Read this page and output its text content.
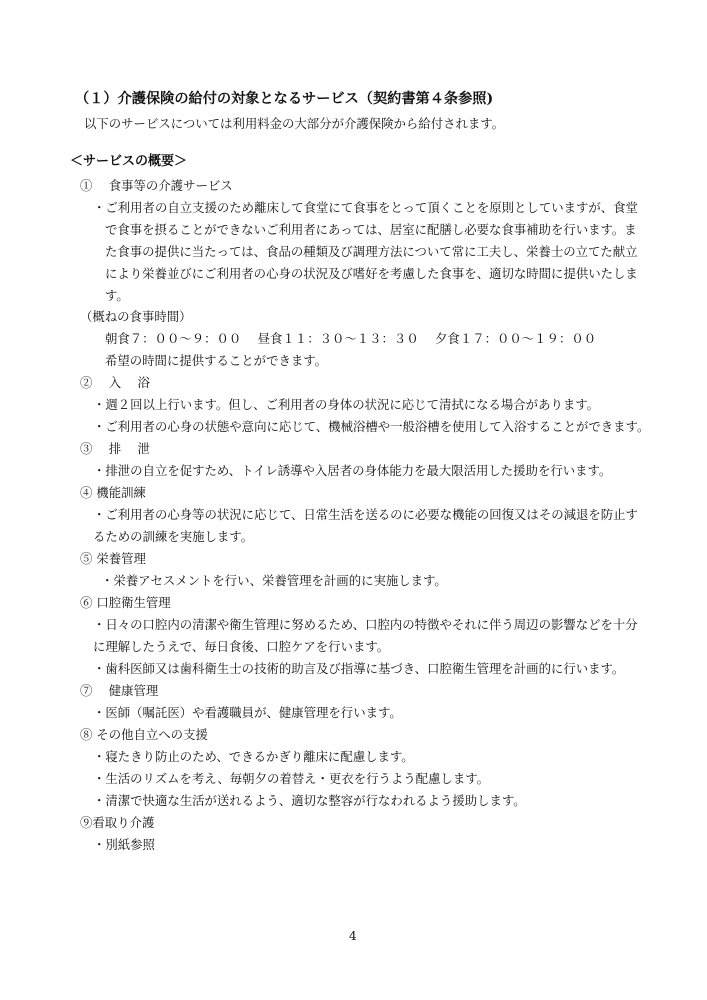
（１）介護保険の給付の対象となるサービス（契約書第４条参照)
以下のサービスについては利用料金の大部分が介護保険から給付されます。
＜サービスの概要＞
①　 食事等の介護サービス
・ご利用者の自立支援のため離床して食堂にて食事をとって頂くことを原則としていますが、食堂
で食事を摂ることができないご利用者にあっては、居室に配膳し必要な食事補助を行います。ま
た食事の提供に当たっては、食品の種類及び調理方法について常に工夫し、栄養士の立てた献立
により栄養並びにご利用者の心身の状況及び嗜好を考慮した食事を、適切な時間に提供いたしま
す。
（概ねの食事時間）
朝食７：００～９：００　 昼食１１：３０～１３：３０　 夕食１７：００～１９：００
希望の時間に提供することができます。
②　 入　 浴
・週２回以上行います。但し、ご利用者の身体の状況に応じて清拭になる場合があります。
・ご利用者の心身の状態や意向に応じて、機械浴槽や一般浴槽を使用して入浴することができます。
③　 排　 泄
・排泄の自立を促すため、トイレ誘導や入居者の身体能力を最大限活用した援助を行います。
④ 機能訓練
・ご利用者の心身等の状況に応じて、日常生活を送るのに必要な機能の回復又はその減退を防止す
るための訓練を実施します。
⑤ 栄養管理
・栄養アセスメントを行い、栄養管理を計画的に実施します。
⑥ 口腔衛生管理
・日々の口腔内の清潔や衛生管理に努めるため、口腔内の特徴やそれに伴う周辺の影響などを十分
に理解したうえで、毎日食後、口腔ケアを行います。
・歯科医師又は歯科衛生士の技術的助言及び指導に基づき、口腔衛生管理を計画的に行います。
⑦　 健康管理
・医師（嘱託医）や看護職員が、健康管理を行います。
⑧ その他自立への支援
・寝たきり防止のため、できるかぎり離床に配慮します。
・生活のリズムを考え、毎朝夕の着替え・更衣を行うよう配慮します。
・清潔で快適な生活が送れるよう、適切な整容が行なわれるよう援助します。
⑨看取り介護
・別紙参照
4
